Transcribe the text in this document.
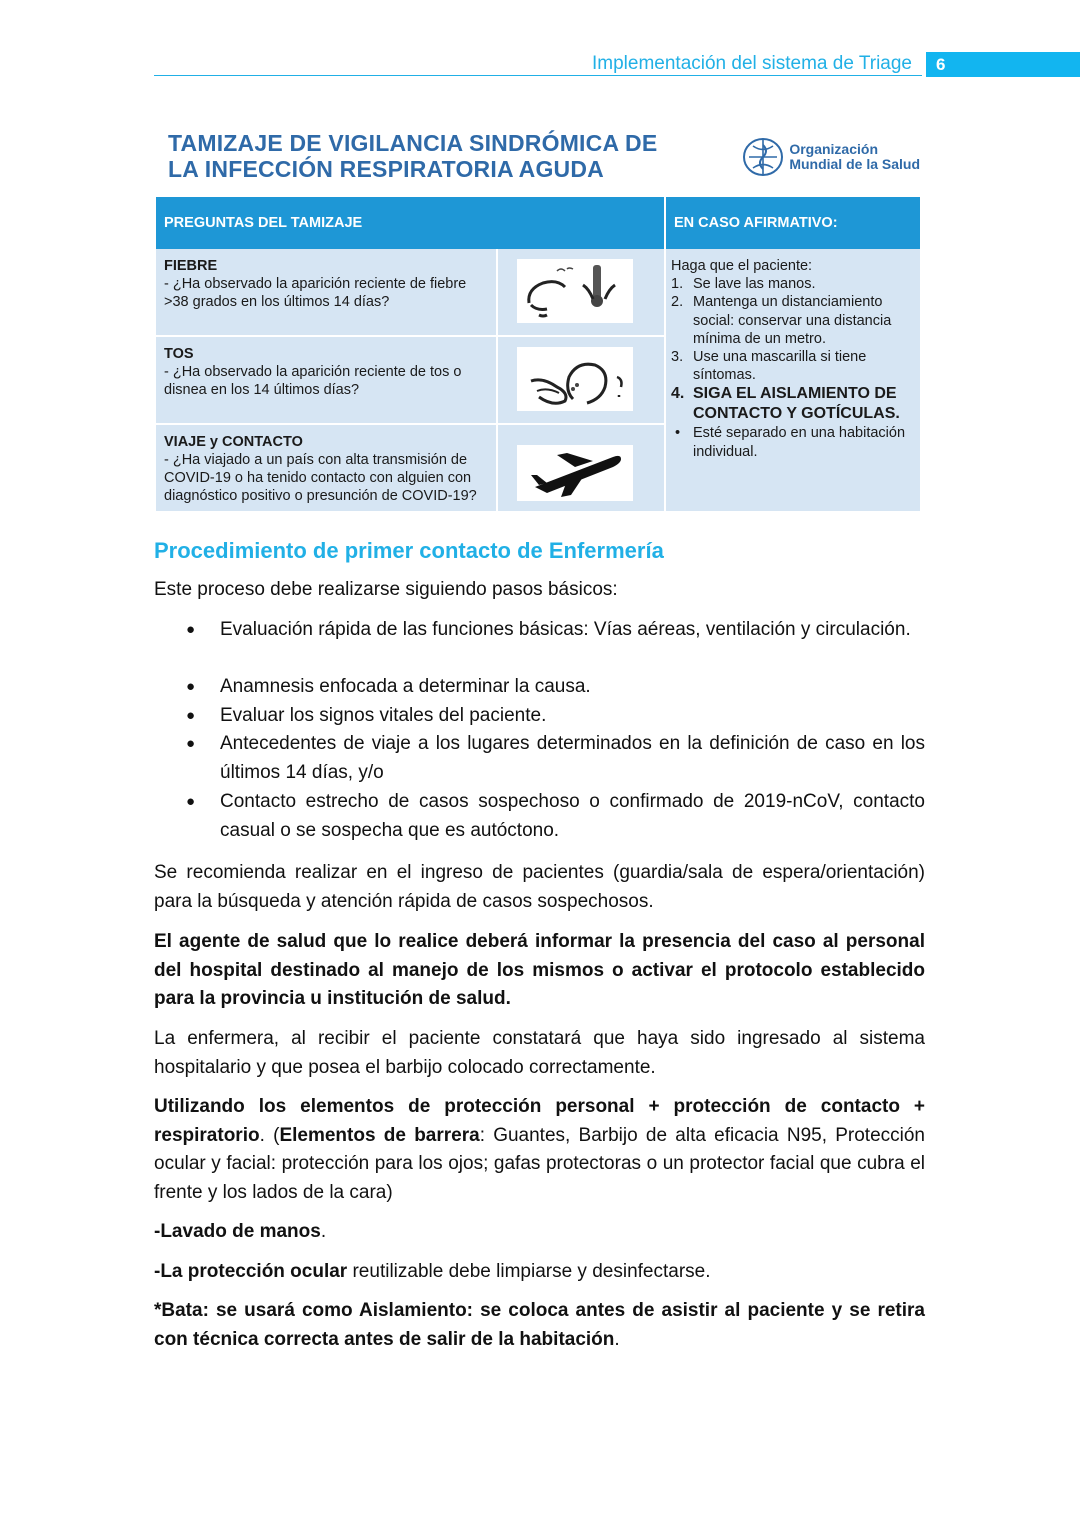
Implementación del sistema de Triage	6
TAMIZAJE DE VIGILANCIA SINDRÓMICA DE
LA INFECCIÓN RESPIRATORIA AGUDA
Organización
Mundial de la Salud
PREGUNTAS DEL TAMIZAJE	EN CASO AFIRMATIVO:
FIEBRE
- ¿Ha observado la aparición reciente de fiebre >38 grados en los últimos 14 días?
TOS
- ¿Ha observado la aparición reciente de tos o disnea en los 14 últimos días?
VIAJE y CONTACTO
- ¿Ha viajado a un país con alta transmisión de COVID-19 o ha tenido contacto con alguien con diagnóstico positivo o presunción de COVID-19?
Haga que el paciente:
1. Se lave las manos.
2. Mantenga un distanciamiento social: conservar una distancia mínima de un metro.
3. Use una mascarilla si tiene síntomas.
4. SIGA EL AISLAMIENTO DE CONTACTO Y GOTÍCULAS.
• Esté separado en una habitación individual.
Procedimiento de primer contacto de Enfermería
Este proceso debe realizarse siguiendo pasos básicos:
● Evaluación rápida de las funciones básicas: Vías aéreas, ventilación y circulación.
● Anamnesis enfocada a determinar la causa.
● Evaluar los signos vitales del paciente.
● Antecedentes de viaje a los lugares determinados en la definición de caso en los últimos 14 días, y/o
● Contacto estrecho de casos sospechoso o confirmado de 2019-nCoV, contacto casual o se sospecha que es autóctono.
Se recomienda realizar en el ingreso de pacientes (guardia/sala de espera/orientación) para la búsqueda y atención rápida de casos sospechosos.
El agente de salud que lo realice deberá informar la presencia del caso al personal del hospital destinado al manejo de los mismos o activar el protocolo establecido para la provincia u institución de salud.
La enfermera, al recibir el paciente constatará que haya sido ingresado al sistema hospitalario y que posea el barbijo colocado correctamente.
Utilizando los elementos de protección personal + protección de contacto + respiratorio. (Elementos de barrera: Guantes, Barbijo de alta eficacia N95, Protección ocular y facial: protección para los ojos; gafas protectoras o un protector facial que cubra el frente y los lados de la cara)
-Lavado de manos.
-La protección ocular reutilizable debe limpiarse y desinfectarse.
*Bata: se usará como Aislamiento: se coloca antes de asistir al paciente y se retira con técnica correcta antes de salir de la habitación.
